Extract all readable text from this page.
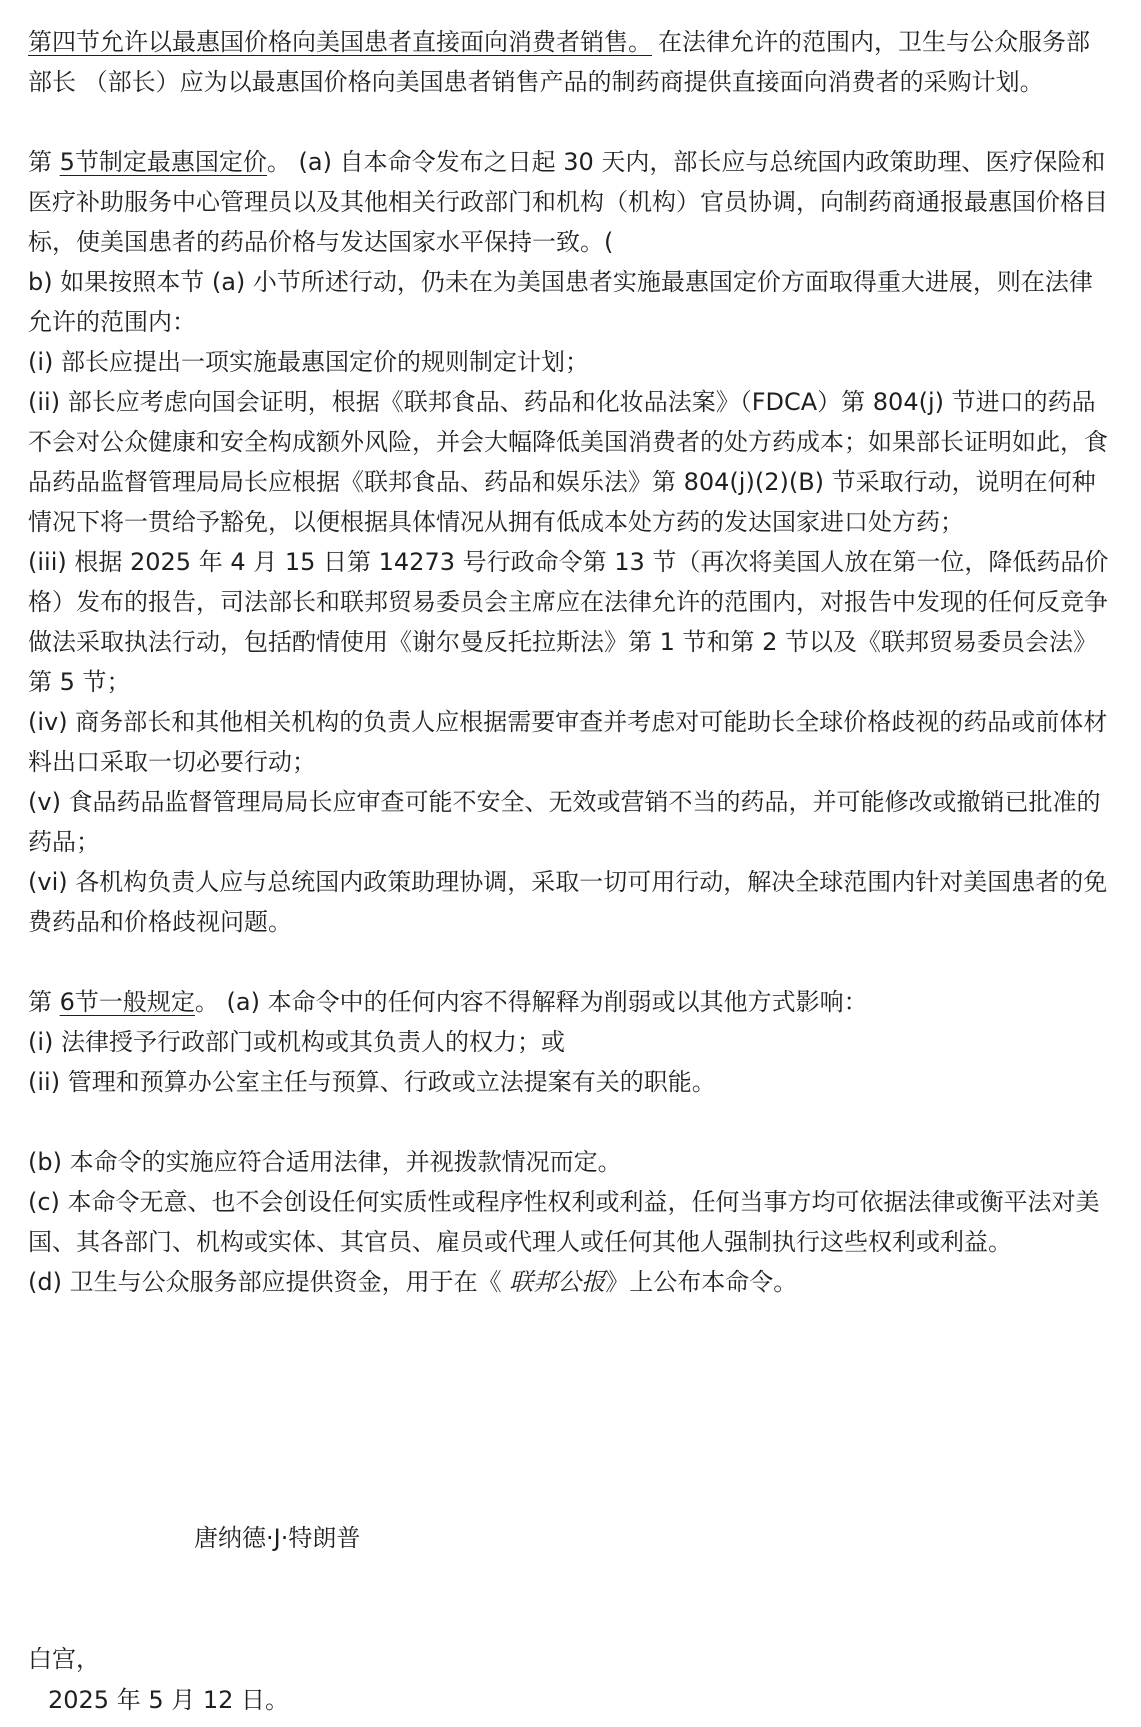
第四节允许以最惠国价格向美国患者直接面向消费者销售。 在法律允许的范围内，卫生与公众服务部 部长 （部长）应为以最惠国价格向美国患者销售产品的制药商提供直接面向消费者的采购计划。

第 5节制定最惠国定价。 (a) 自本命令发布之日起 30 天内，部长应与总统国内政策助理、医疗保险和医疗补助服务中心管理员以及其他相关行政部门和机构（机构）官员协调，向制药商通报最惠国价格目标，使美国患者的药品价格与发达国家水平保持一致。(

b) 如果按照本节 (a) 小节所述行动，仍未在为美国患者实施最惠国定价方面取得重大进展，则在法律允许的范围内：

(i) 部长应提出一项实施最惠国定价的规则制定计划；

(ii) 部长应考虑向国会证明，根据《联邦食品、药品和化妆品法案》（FDCA）第 804(j) 节进口的药品不会对公众健康和安全构成额外风险，并会大幅降低美国消费者的处方药成本；如果部长证明如此，食品药品监督管理局局长应根据《联邦食品、药品和娱乐法》第 804(j)(2)(B) 节采取行动，说明在何种情况下将一贯给予豁免，以便根据具体情况从拥有低成本处方药的发达国家进口处方药；

(iii) 根据 2025 年 4 月 15 日第 14273 号行政命令第 13 节（再次将美国人放在第一位，降低药品价格）发布的报告，司法部长和联邦贸易委员会主席应在法律允许的范围内，对报告中发现的任何反竞争做法采取执法行动，包括酌情使用《谢尔曼反托拉斯法》第 1 节和第 2 节以及《联邦贸易委员会法》第 5 节；

(iv) 商务部长和其他相关机构的负责人应根据需要审查并考虑对可能助长全球价格歧视的药品或前体材料出口采取一切必要行动；

(v) 食品药品监督管理局局长应审查可能不安全、无效或营销不当的药品，并可能修改或撤销已批准的药品；

(vi) 各机构负责人应与总统国内政策助理协调，采取一切可用行动，解决全球范围内针对美国患者的免费药品和价格歧视问题。

第 6节一般规定。 (a) 本命令中的任何内容不得解释为削弱或以其他方式影响：

(i) 法律授予行政部门或机构或其负责人的权力；或

(ii) 管理和预算办公室主任与预算、行政或立法提案有关的职能。

(b) 本命令的实施应符合适用法律，并视拨款情况而定。

(c) 本命令无意、也不会创设任何实质性或程序性权利或利益，任何当事方均可依据法律或衡平法对美国、其各部门、机构或实体、其官员、雇员或代理人或任何其他人强制执行这些权利或利益。

(d) 卫生与公众服务部应提供资金，用于在《 联邦公报》上公布本命令。

唐纳德·J·特朗普
白宫，
2025 年 5 月 12 日。
